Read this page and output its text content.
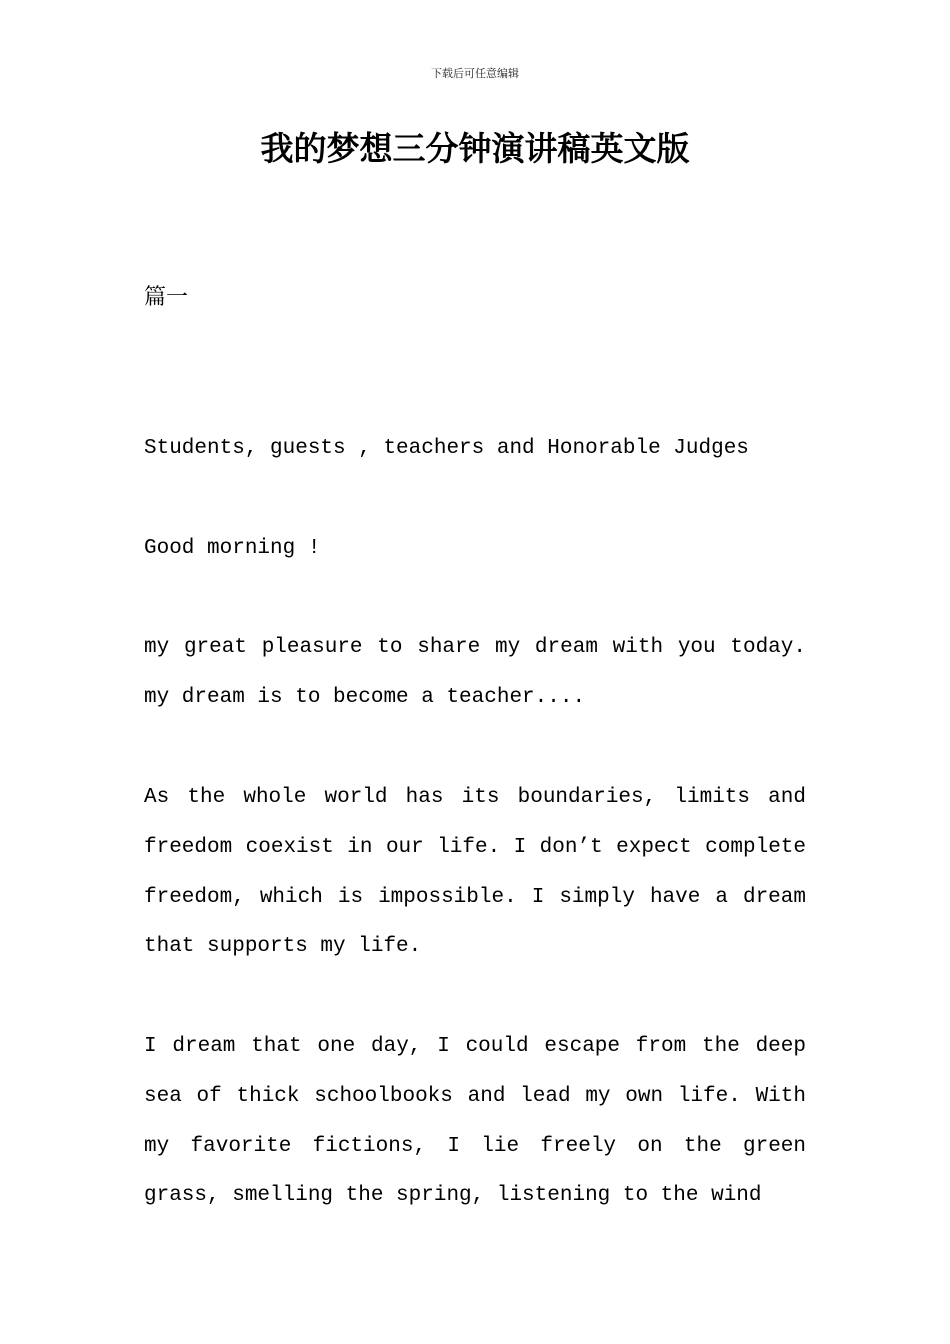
下载后可任意编辑
我的梦想三分钟演讲稿英文版
篇一

Students, guests , teachers and Honorable Judges

Good morning !

my great pleasure to share my dream with you today. my dream is to become a teacher....

As the whole world has its boundaries, limits and freedom coexist in our life. I don’t expect complete freedom, which is impossible. I simply have a dream that supports my life.

I dream that one day, I could escape from the deep sea of thick schoolbooks and lead my own life. With my favorite fictions, I lie freely on the green grass, smelling the spring, listening to the wind
